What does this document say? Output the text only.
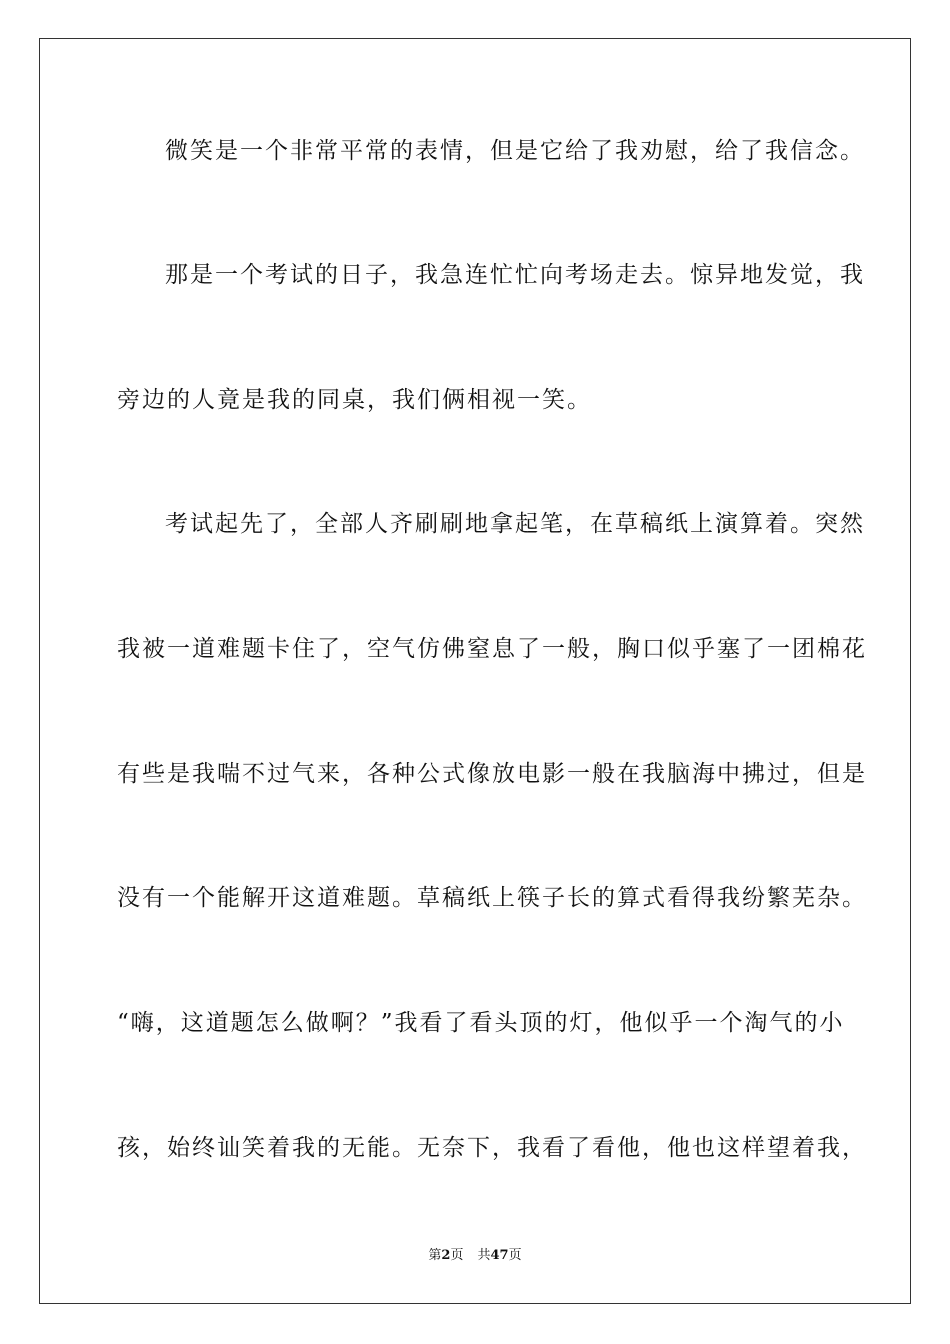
微笑是一个非常平常的表情，但是它给了我劝慰，给了我信念。
那是一个考试的日子，我急连忙忙向考场走去。惊异地发觉，我
旁边的人竟是我的同桌，我们俩相视一笑。
考试起先了，全部人齐刷刷地拿起笔，在草稿纸上演算着。突然
我被一道难题卡住了，空气仿佛窒息了一般，胸口似乎塞了一团棉花
有些是我喘不过气来，各种公式像放电影一般在我脑海中拂过，但是
没有一个能解开这道难题。草稿纸上筷子长的算式看得我纷繁芜杂。
“嗨，这道题怎么做啊？”我看了看头顶的灯，他似乎一个淘气的小
孩，始终讪笑着我的无能。无奈下，我看了看他，他也这样望着我，
第2页 共47页
